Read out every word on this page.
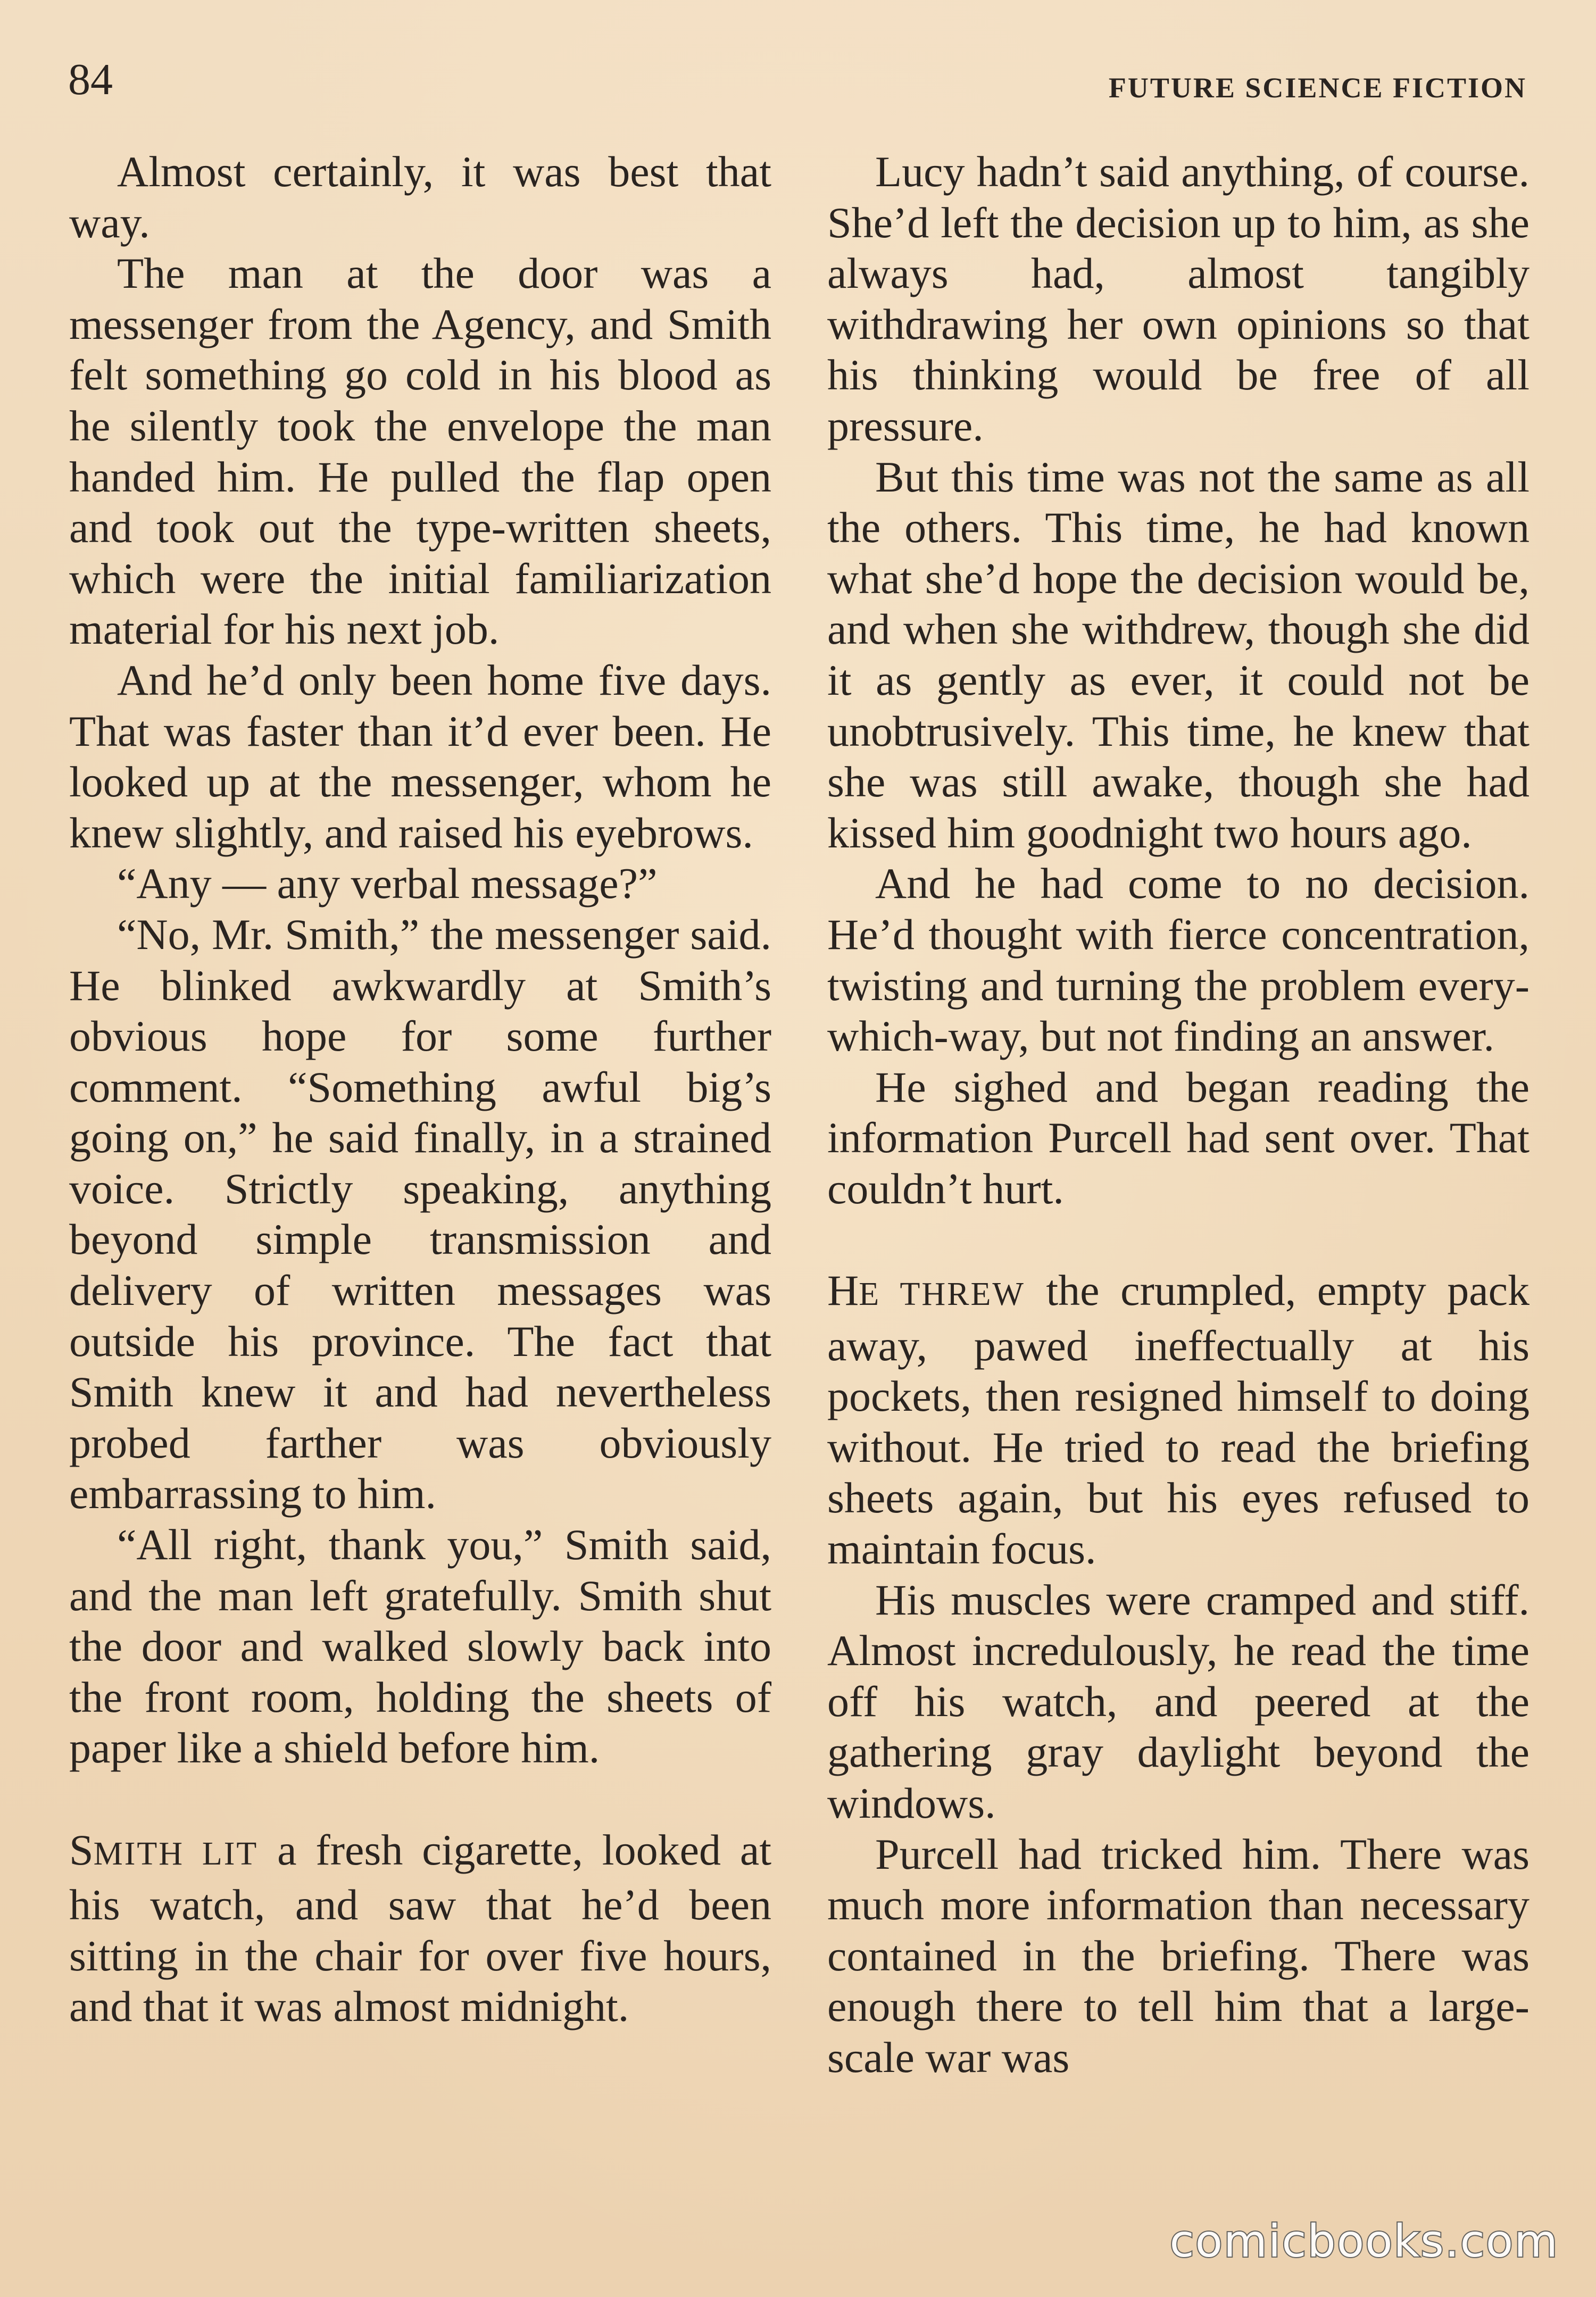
84	FUTURE SCIENCE FICTION

Almost certainly, it was best that way.

The man at the door was a messenger from the Agency, and Smith felt something go cold in his blood as he silently took the envelope the man handed him. He pulled the flap open and took out the type-written sheets, which were the initial familiarization material for his next job.

And he’d only been home five days. That was faster than it’d ever been. He looked up at the messenger, whom he knew slightly, and raised his eyebrows.

“Any — any verbal message?”

“No, Mr. Smith,” the messenger said. He blinked awkwardly at Smith’s obvious hope for some further comment. “Something awful big’s going on,” he said finally, in a strained voice. Strictly speaking, anything beyond simple transmission and delivery of written messages was outside his province. The fact that Smith knew it and had nevertheless probed farther was obviously embarrassing to him.

“All right, thank you,” Smith said, and the man left gratefully. Smith shut the door and walked slowly back into the front room, holding the sheets of paper like a shield before him.

SMITH LIT a fresh cigarette, looked at his watch, and saw that he’d been sitting in the chair for over five hours, and that it was almost midnight.

Lucy hadn’t said anything, of course. She’d left the decision up to him, as she always had, almost tangibly withdrawing her own opinions so that his thinking would be free of all pressure.

But this time was not the same as all the others. This time, he had known what she’d hope the decision would be, and when she withdrew, though she did it as gently as ever, it could not be unobtrusively. This time, he knew that she was still awake, though she had kissed him goodnight two hours ago.

And he had come to no decision. He’d thought with fierce concentration, twisting and turning the problem every-which-way, but not finding an answer.

He sighed and began reading the information Purcell had sent over. That couldn’t hurt.

HE THREW the crumpled, empty pack away, pawed ineffectually at his pockets, then resigned himself to doing without. He tried to read the briefing sheets again, but his eyes refused to maintain focus.

His muscles were cramped and stiff. Almost incredulously, he read the time off his watch, and peered at the gathering gray daylight beyond the windows.

Purcell had tricked him. There was much more information than necessary contained in the briefing. There was enough there to tell him that a large-scale war was

comicbooks.com
